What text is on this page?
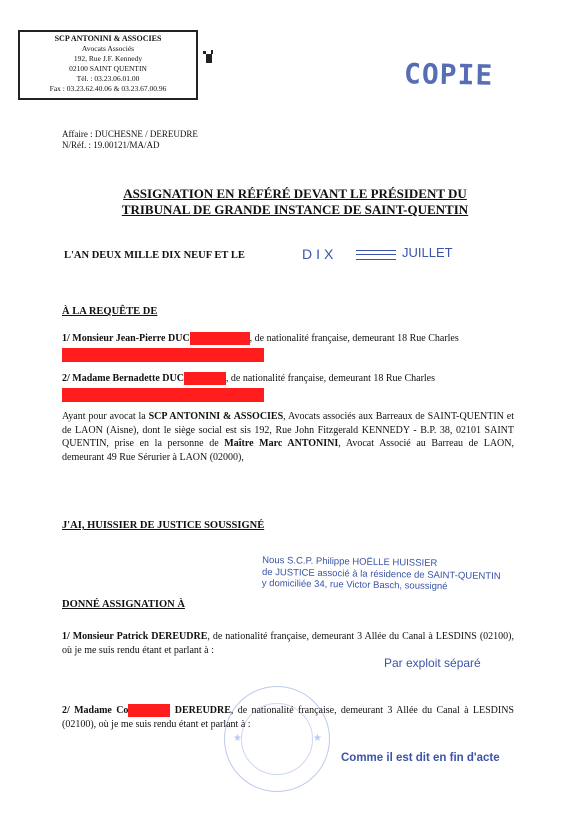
SCP ANTONINI & ASSOCIES
Avocats Associés
192, Rue J.F. Kennedy
02100 SAINT QUENTIN
Tél. : 03.23.06.01.00
Fax : 03.23.62.40.06 & 03.23.67.00.96	COPIE
Affaire : DUCHESNE / DEREUDRE
N/Réf. : 19.00121/MA/AD
ASSIGNATION EN RÉFÉRÉ DEVANT LE PRÉSIDENT DU
TRIBUNAL DE GRANDE INSTANCE DE SAINT-QUENTIN
L'AN DEUX MILLE DIX NEUF ET LE	DIX	JUILLET
À LA REQUÊTE DE
1/ Monsieur Jean-Pierre DUC	, de nationalité française, demeurant 18 Rue Charles
2/ Madame Bernadette DUC	, de nationalité française, demeurant 18 Rue Charles
Ayant pour avocat la SCP ANTONINI & ASSOCIES, Avocats associés aux Barreaux de SAINT-QUENTIN et de LAON (Aisne), dont le siège social est sis 192, Rue John Fitzgerald KENNEDY - B.P. 38, 02101 SAINT QUENTIN, prise en la personne de Maître Marc ANTONINI, Avocat Associé au Barreau de LAON, demeurant 49 Rue Sérurier à LAON (02000),
J'AI, HUISSIER DE JUSTICE SOUSSIGNÉ
Nous S.C.P. Philippe HOËLLE HUISSIER
de JUSTICE associé à la résidence de SAINT-QUENTIN
y domiciliée 34, rue Victor Basch, soussigné
DONNÉ ASSIGNATION À
1/ Monsieur Patrick DEREUDRE, de nationalité française, demeurant 3 Allée du Canal à LESDINS (02100), où je me suis rendu étant et parlant à :
Par exploit séparé
★	★
2/ Madame Co	DEREUDRE, de nationalité française, demeurant 3 Allée du Canal à LESDINS (02100), où je me suis rendu étant et parlant à :
Comme il est dit en fin d'acte
